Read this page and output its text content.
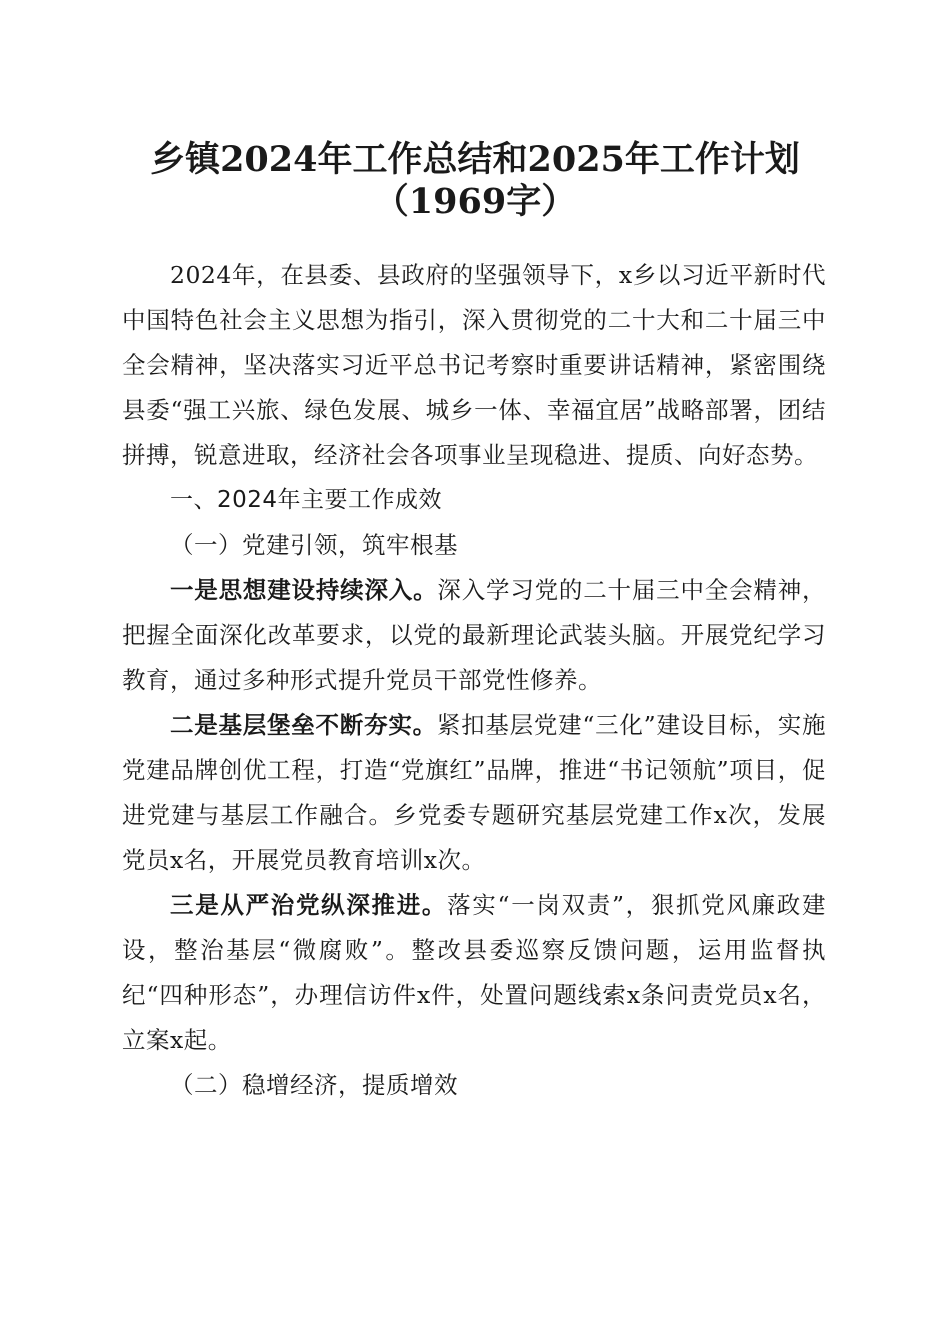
乡镇2024年工作总结和2025年工作计划
（1969字）

2024年，在县委、县政府的坚强领导下，x乡以习近平新时代中国特色社会主义思想为指引，深入贯彻党的二十大和二十届三中全会精神，坚决落实习近平总书记考察时重要讲话精神，紧密围绕县委“强工兴旅、绿色发展、城乡一体、幸福宜居”战略部署，团结拼搏，锐意进取，经济社会各项事业呈现稳进、提质、向好态势。

一、2024年主要工作成效

（一）党建引领，筑牢根基

一是思想建设持续深入。深入学习党的二十届三中全会精神，把握全面深化改革要求，以党的最新理论武装头脑。开展党纪学习教育，通过多种形式提升党员干部党性修养。

二是基层堡垒不断夯实。紧扣基层党建“三化”建设目标，实施党建品牌创优工程，打造“党旗红”品牌，推进“书记领航”项目，促进党建与基层工作融合。乡党委专题研究基层党建工作x次，发展党员x名，开展党员教育培训x次。

三是从严治党纵深推进。落实“一岗双责”，狠抓党风廉政建设，整治基层“微腐败”。整改县委巡察反馈问题，运用监督执纪“四种形态”，办理信访件x件，处置问题线索x条问责党员x名，立案x起。

（二）稳增经济，提质增效
